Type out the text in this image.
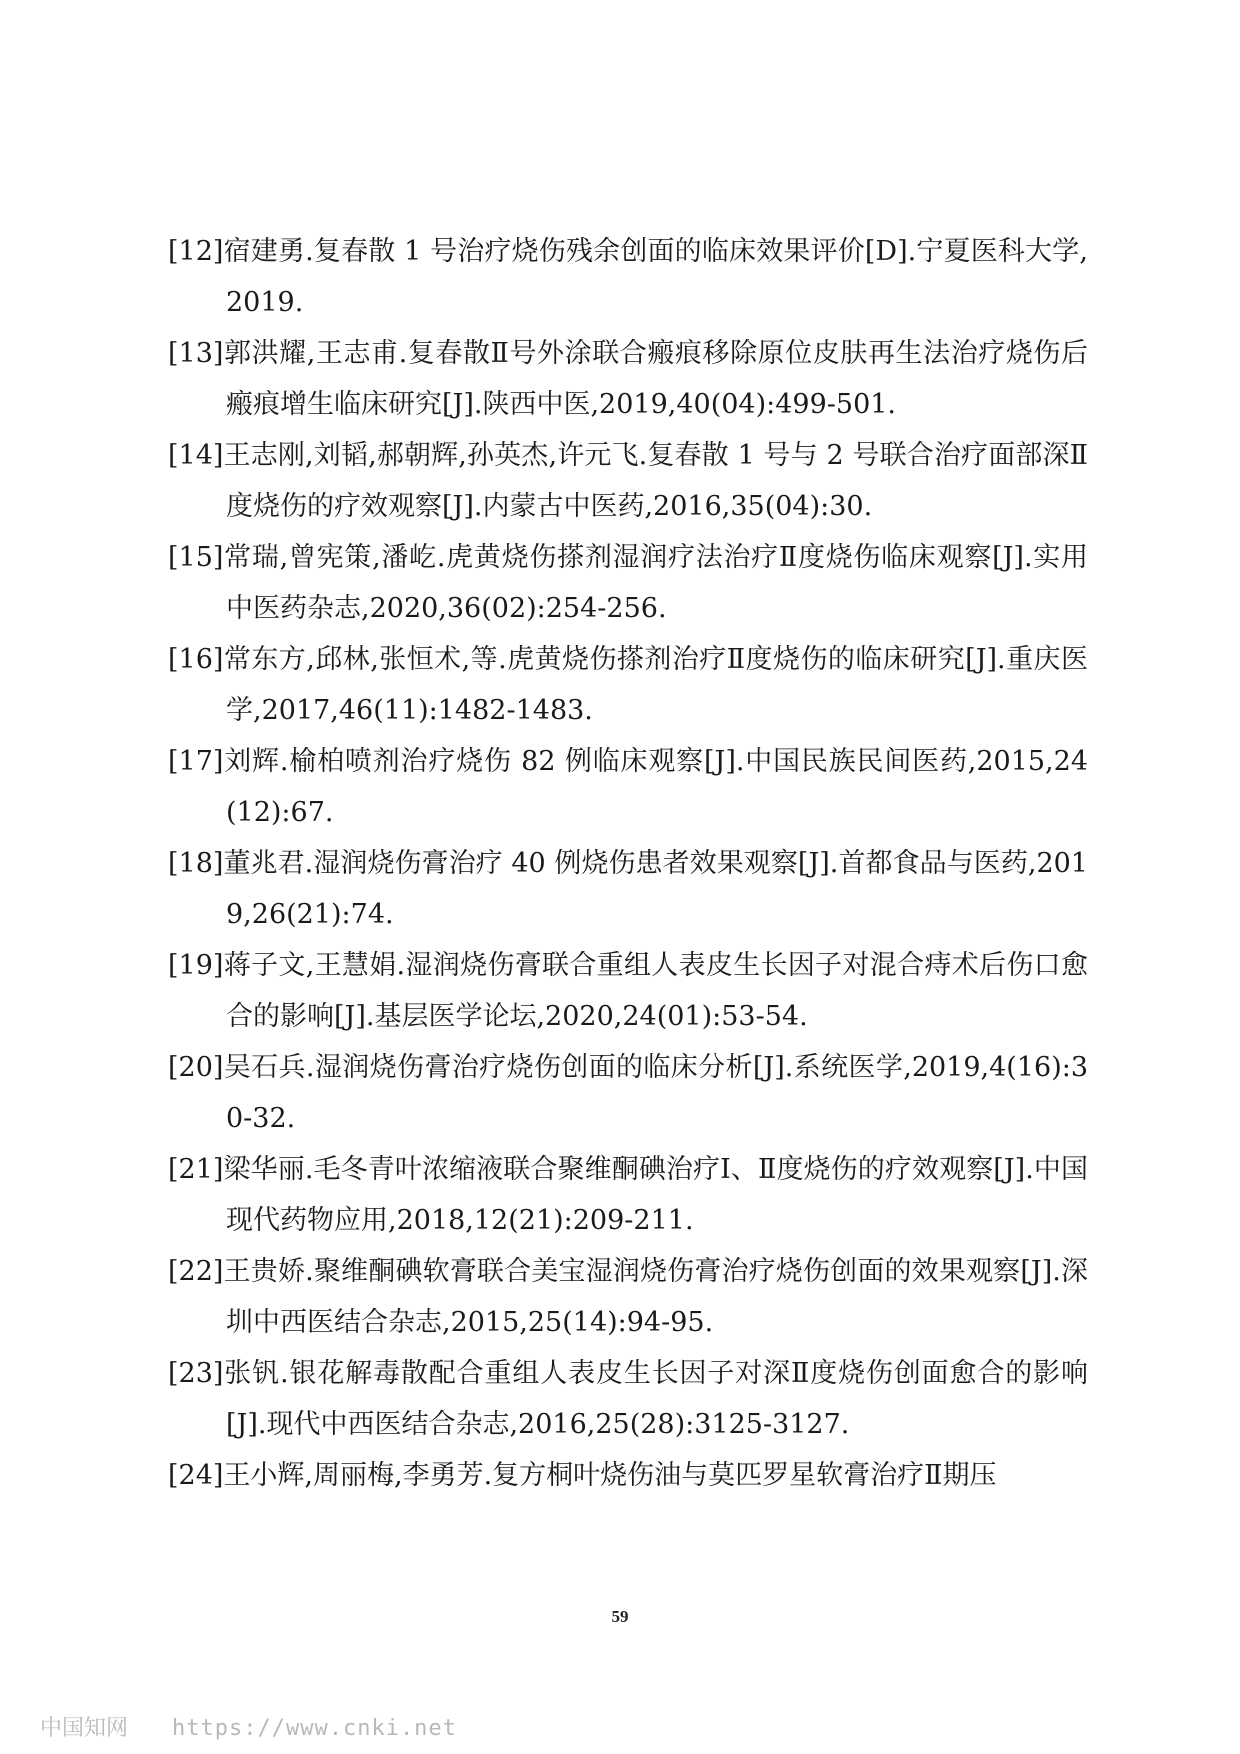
[12]宿建勇.复春散 1 号治疗烧伤残余创面的临床效果评价[D].宁夏医科大学,2019.
[13]郭洪耀,王志甫.复春散Ⅱ号外涂联合瘢痕移除原位皮肤再生法治疗烧伤后瘢痕增生临床研究[J].陕西中医,2019,40(04):499-501.
[14]王志刚,刘韬,郝朝辉,孙英杰,许元飞.复春散 1 号与 2 号联合治疗面部深Ⅱ度烧伤的疗效观察[J].内蒙古中医药,2016,35(04):30.
[15]常瑞,曾宪策,潘屹.虎黄烧伤搽剂湿润疗法治疗Ⅱ度烧伤临床观察[J].实用中医药杂志,2020,36(02):254-256.
[16]常东方,邱林,张恒术,等.虎黄烧伤搽剂治疗Ⅱ度烧伤的临床研究[J].重庆医学,2017,46(11):1482-1483.
[17]刘辉.榆柏喷剂治疗烧伤 82 例临床观察[J].中国民族民间医药,2015,24(12):67.
[18]董兆君.湿润烧伤膏治疗 40 例烧伤患者效果观察[J].首都食品与医药,2019,26(21):74.
[19]蒋子文,王慧娟.湿润烧伤膏联合重组人表皮生长因子对混合痔术后伤口愈合的影响[J].基层医学论坛,2020,24(01):53-54.
[20]吴石兵.湿润烧伤膏治疗烧伤创面的临床分析[J].系统医学,2019,4(16):30-32.
[21]梁华丽.毛冬青叶浓缩液联合聚维酮碘治疗Ⅰ、Ⅱ度烧伤的疗效观察[J].中国现代药物应用,2018,12(21):209-211.
[22]王贵娇.聚维酮碘软膏联合美宝湿润烧伤膏治疗烧伤创面的效果观察[J].深圳中西医结合杂志,2015,25(14):94-95.
[23]张钒.银花解毒散配合重组人表皮生长因子对深Ⅱ度烧伤创面愈合的影响[J].现代中西医结合杂志,2016,25(28):3125-3127.
[24]王小辉,周丽梅,李勇芳.复方桐叶烧伤油与莫匹罗星软膏治疗Ⅱ期压
59
中国知网 https://www.cnki.net
